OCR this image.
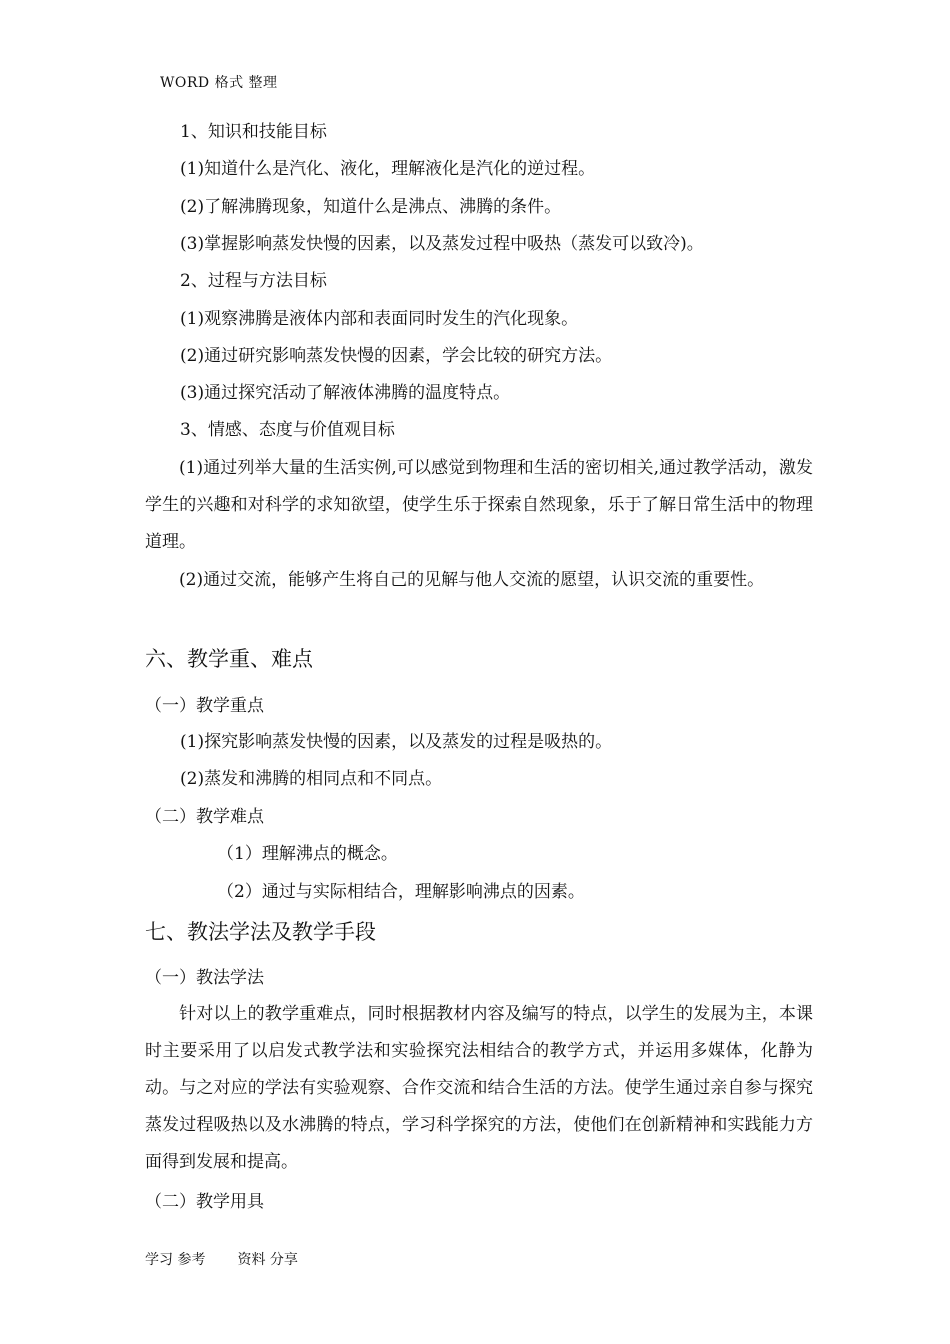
WORD 格式 整理
1、知识和技能目标
(1)知道什么是汽化、液化，理解液化是汽化的逆过程。
(2)了解沸腾现象，知道什么是沸点、沸腾的条件。
(3)掌握影响蒸发快慢的因素，以及蒸发过程中吸热（蒸发可以致冷)。
2、过程与方法目标
(1)观察沸腾是液体内部和表面同时发生的汽化现象。
(2)通过研究影响蒸发快慢的因素，学会比较的研究方法。
(3)通过探究活动了解液体沸腾的温度特点。
3、情感、态度与价值观目标
(1)通过列举大量的生活实例,可以感觉到物理和生活的密切相关,通过教学活动，激发学生的兴趣和对科学的求知欲望，使学生乐于探索自然现象，乐于了解日常生活中的物理道理。
(2)通过交流，能够产生将自己的见解与他人交流的愿望，认识交流的重要性。
六、教学重、难点
（一）教学重点
(1)探究影响蒸发快慢的因素，以及蒸发的过程是吸热的。
(2)蒸发和沸腾的相同点和不同点。
（二）教学难点
（1）理解沸点的概念。
（2）通过与实际相结合，理解影响沸点的因素。
七、教法学法及教学手段
（一）教法学法
针对以上的教学重难点，同时根据教材内容及编写的特点，以学生的发展为主，本课时主要采用了以启发式教学法和实验探究法相结合的教学方式，并运用多媒体，化静为动。与之对应的学法有实验观察、合作交流和结合生活的方法。使学生通过亲自参与探究蒸发过程吸热以及水沸腾的特点，学习科学探究的方法，使他们在创新精神和实践能力方面得到发展和提高。
（二）教学用具
学习 参考 资料 分享
